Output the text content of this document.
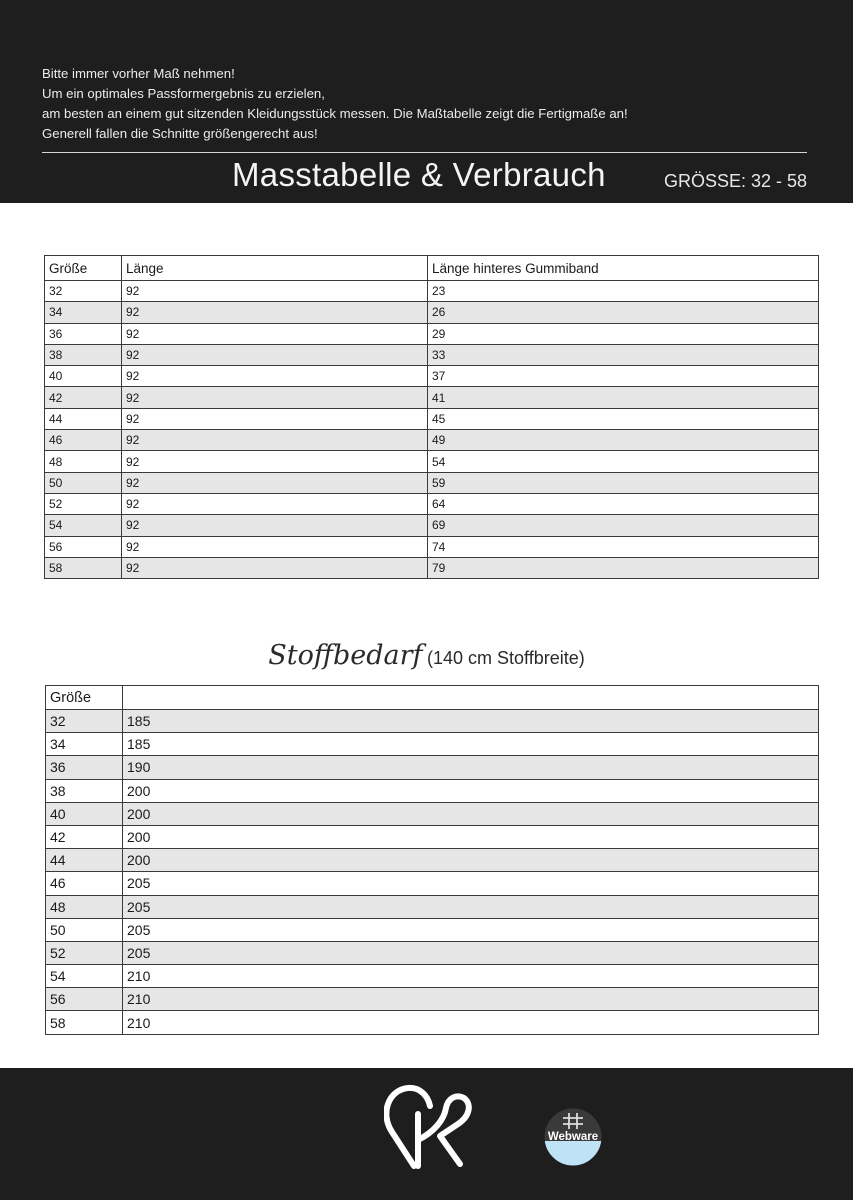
Bitte immer vorher Maß nehmen!
Um ein optimales Passformergebnis zu erzielen,
am besten an einem gut sitzenden Kleidungsstück messen. Die Maßtabelle zeigt die Fertigmaße an!
Generell fallen die Schnitte größengerecht aus!
Masstabelle & Verbrauch	GRÖSSE: 32 - 58
Größe	Länge	Länge hinteres Gummiband
32	92	23
34	92	26
36	92	29
38	92	33
40	92	37
42	92	41
44	92	45
46	92	49
48	92	54
50	92	59
52	92	64
54	92	69
56	92	74
58	92	79
Stoffbedarf (140 cm Stoffbreite)
Größe	
32	185
34	185
36	190
38	200
40	200
42	200
44	200
46	205
48	205
50	205
52	205
54	210
56	210
58	210
Webware
